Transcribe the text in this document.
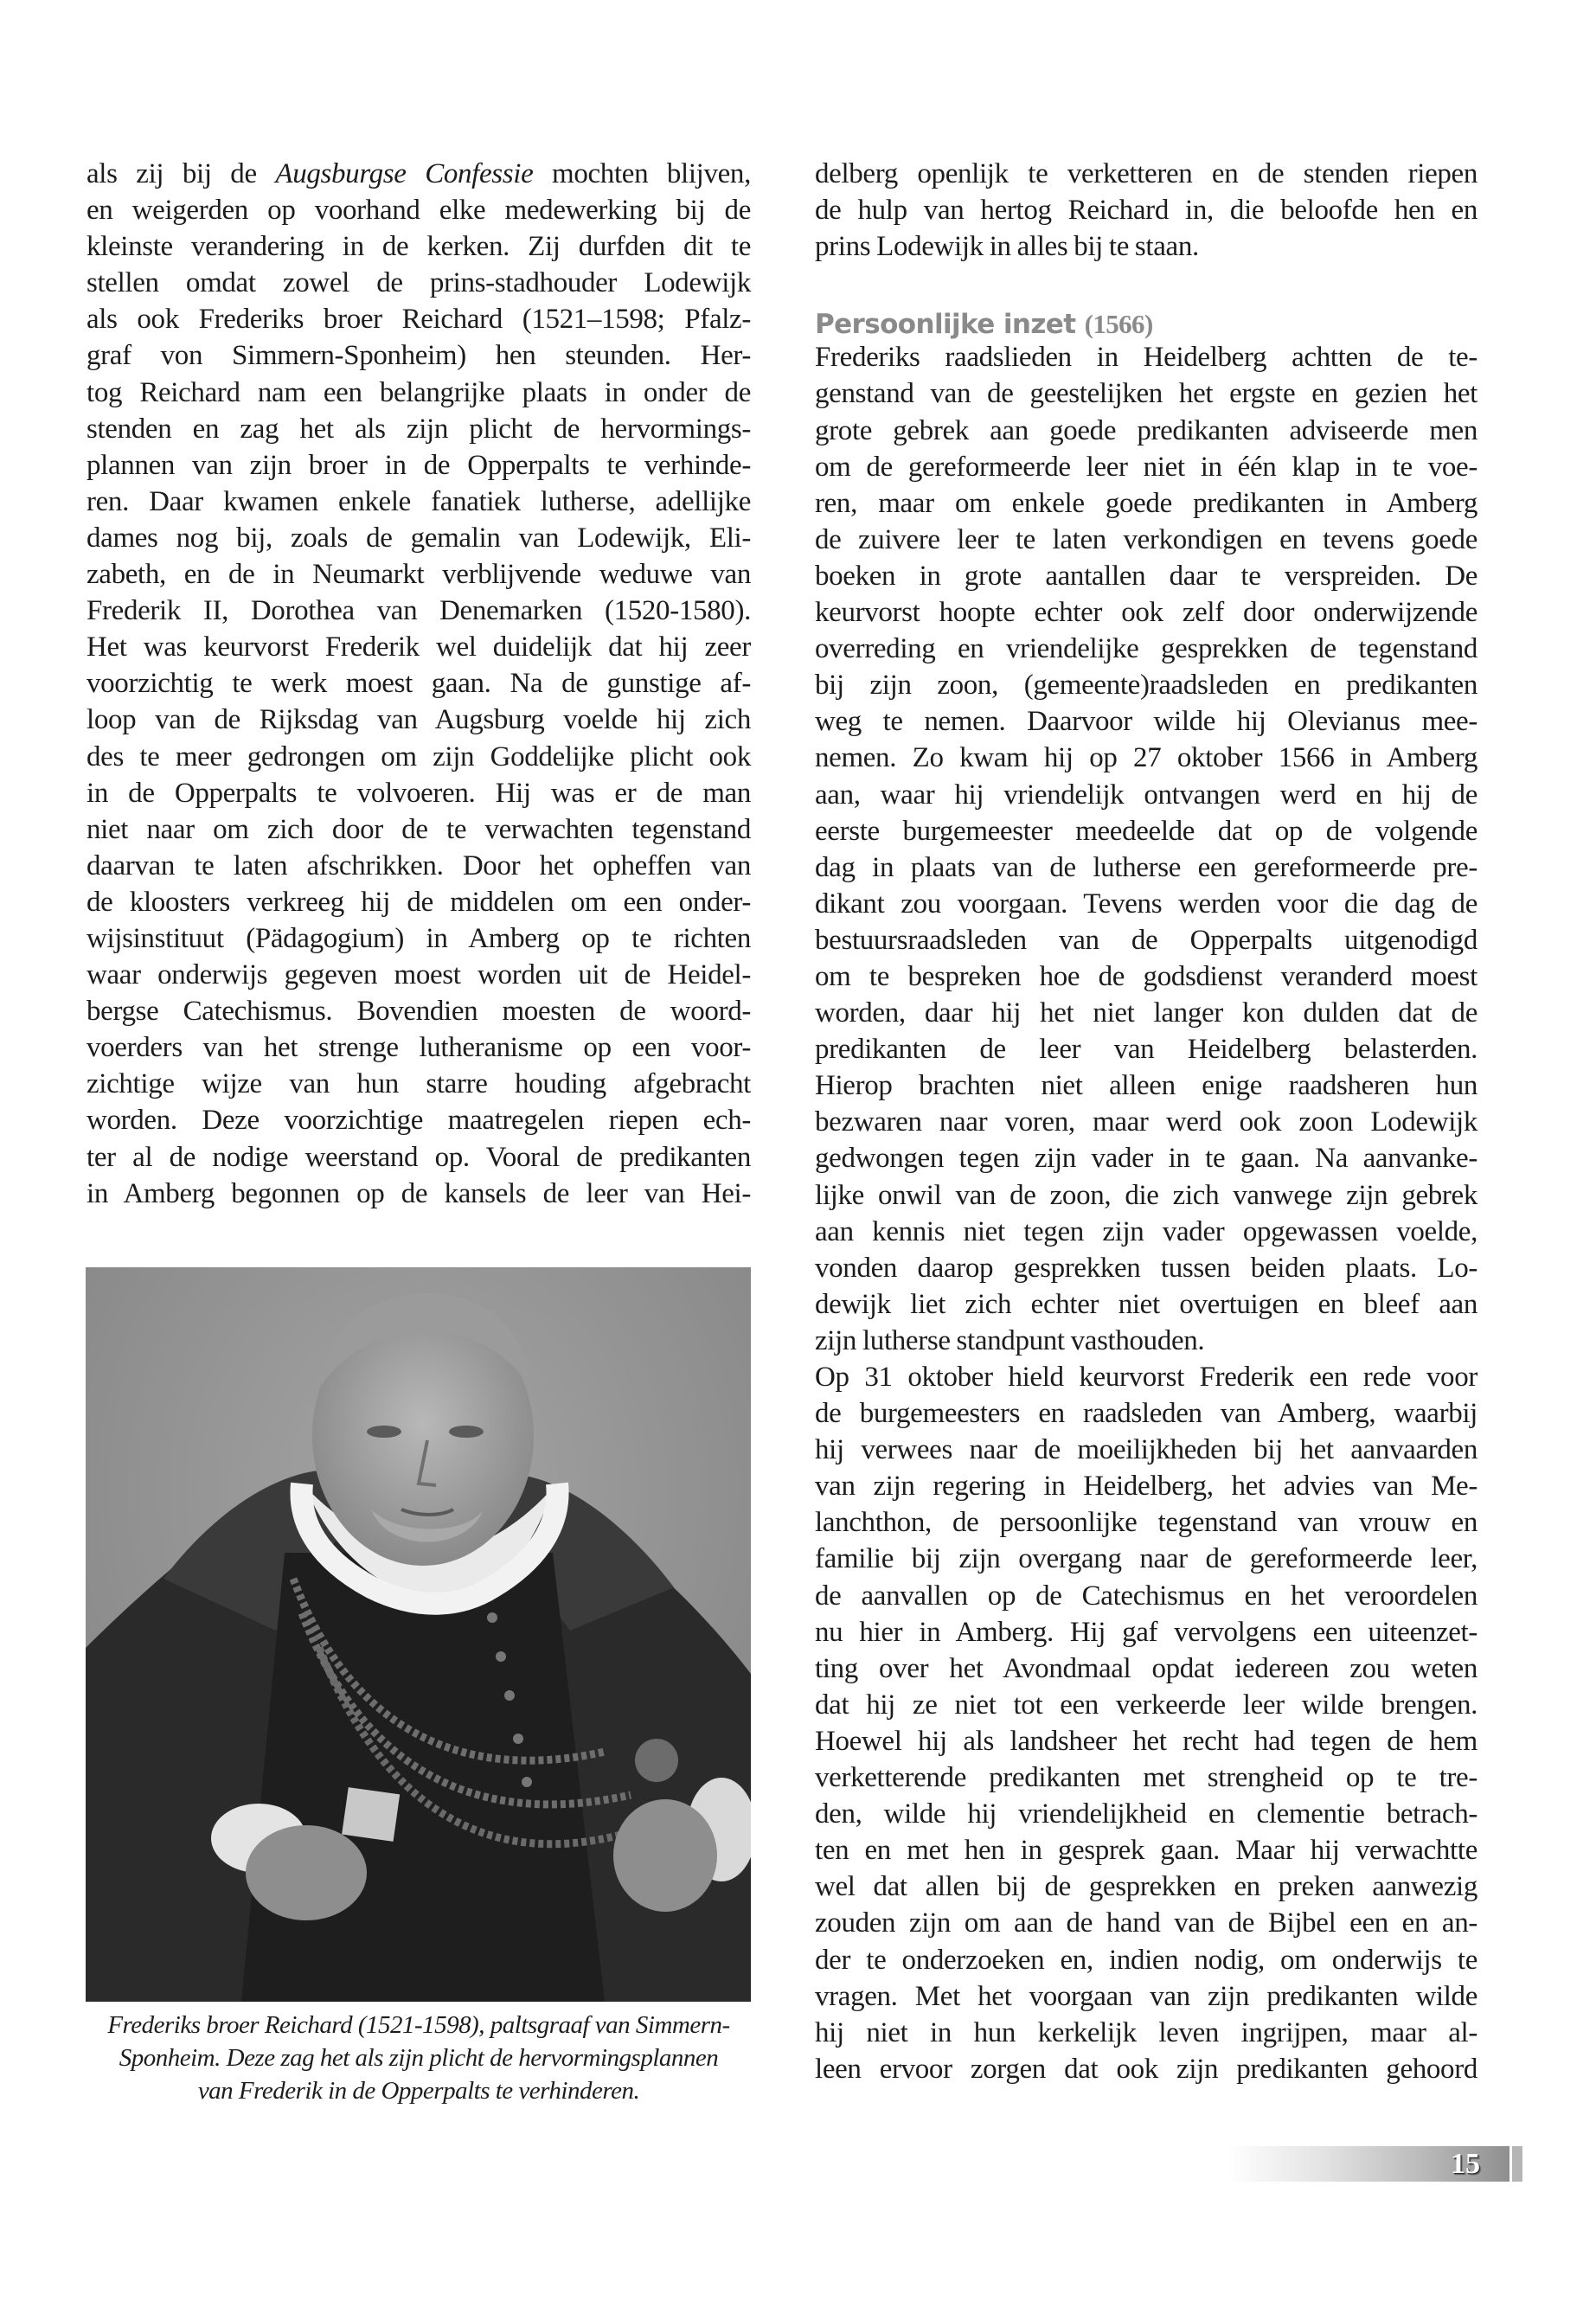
als zij bij de Augsburgse Confessie mochten blijven,
en weigerden op voorhand elke medewerking bij de
kleinste verandering in de kerken. Zij durfden dit te
stellen omdat zowel de prins-stadhouder Lodewijk
als ook Frederiks broer Reichard (1521–1598; Pfalz-
graf von Simmern-Sponheim) hen steunden. Her-
tog Reichard nam een belangrijke plaats in onder de
stenden en zag het als zijn plicht de hervormings-
plannen van zijn broer in de Opperpalts te verhinde-
ren. Daar kwamen enkele fanatiek lutherse, adellijke
dames nog bij, zoals de gemalin van Lodewijk, Eli-
zabeth, en de in Neumarkt verblijvende weduwe van
Frederik II, Dorothea van Denemarken (1520-1580).
Het was keurvorst Frederik wel duidelijk dat hij zeer
voorzichtig te werk moest gaan. Na de gunstige af-
loop van de Rijksdag van Augsburg voelde hij zich
des te meer gedrongen om zijn Goddelijke plicht ook
in de Opperpalts te volvoeren. Hij was er de man
niet naar om zich door de te verwachten tegenstand
daarvan te laten afschrikken. Door het opheffen van
de kloosters verkreeg hij de middelen om een onder-
wijsinstituut (Pädagogium) in Amberg op te richten
waar onderwijs gegeven moest worden uit de Heidel-
bergse Catechismus. Bovendien moesten de woord-
voerders van het strenge lutheranisme op een voor-
zichtige wijze van hun starre houding afgebracht
worden. Deze voorzichtige maatregelen riepen ech-
ter al de nodige weerstand op. Vooral de predikanten
in Amberg begonnen op de kansels de leer van Hei-
Frederiks broer Reichard (1521-1598), paltsgraaf van Simmern-
Sponheim. Deze zag het als zijn plicht de hervormingsplannen
van Frederik in de Opperpalts te verhinderen.
delberg openlijk te verketteren en de stenden riepen
de hulp van hertog Reichard in, die beloofde hen en
prins Lodewijk in alles bij te staan.
Persoonlijke inzet (1566)
Frederiks raadslieden in Heidelberg achtten de te-
genstand van de geestelijken het ergste en gezien het
grote gebrek aan goede predikanten adviseerde men
om de gereformeerde leer niet in één klap in te voe-
ren, maar om enkele goede predikanten in Amberg
de zuivere leer te laten verkondigen en tevens goede
boeken in grote aantallen daar te verspreiden. De
keurvorst hoopte echter ook zelf door onderwijzende
overreding en vriendelijke gesprekken de tegenstand
bij zijn zoon, (gemeente)raadsleden en predikanten
weg te nemen. Daarvoor wilde hij Olevianus mee-
nemen. Zo kwam hij op 27 oktober 1566 in Amberg
aan, waar hij vriendelijk ontvangen werd en hij de
eerste burgemeester meedeelde dat op de volgende
dag in plaats van de lutherse een gereformeerde pre-
dikant zou voorgaan. Tevens werden voor die dag de
bestuursraadsleden van de Opperpalts uitgenodigd
om te bespreken hoe de godsdienst veranderd moest
worden, daar hij het niet langer kon dulden dat de
predikanten de leer van Heidelberg belasterden.
Hierop brachten niet alleen enige raadsheren hun
bezwaren naar voren, maar werd ook zoon Lodewijk
gedwongen tegen zijn vader in te gaan. Na aanvanke-
lijke onwil van de zoon, die zich vanwege zijn gebrek
aan kennis niet tegen zijn vader opgewassen voelde,
vonden daarop gesprekken tussen beiden plaats. Lo-
dewijk liet zich echter niet overtuigen en bleef aan
zijn lutherse standpunt vasthouden.
Op 31 oktober hield keurvorst Frederik een rede voor
de burgemeesters en raadsleden van Amberg, waarbij
hij verwees naar de moeilijkheden bij het aanvaarden
van zijn regering in Heidelberg, het advies van Me-
lanchthon, de persoonlijke tegenstand van vrouw en
familie bij zijn overgang naar de gereformeerde leer,
de aanvallen op de Catechismus en het veroordelen
nu hier in Amberg. Hij gaf vervolgens een uiteenzet-
ting over het Avondmaal opdat iedereen zou weten
dat hij ze niet tot een verkeerde leer wilde brengen.
Hoewel hij als landsheer het recht had tegen de hem
verketterende predikanten met strengheid op te tre-
den, wilde hij vriendelijkheid en clementie betrach-
ten en met hen in gesprek gaan. Maar hij verwachtte
wel dat allen bij de gesprekken en preken aanwezig
zouden zijn om aan de hand van de Bijbel een en an-
der te onderzoeken en, indien nodig, om onderwijs te
vragen. Met het voorgaan van zijn predikanten wilde
hij niet in hun kerkelijk leven ingrijpen, maar al-
leen ervoor zorgen dat ook zijn predikanten gehoord
15
